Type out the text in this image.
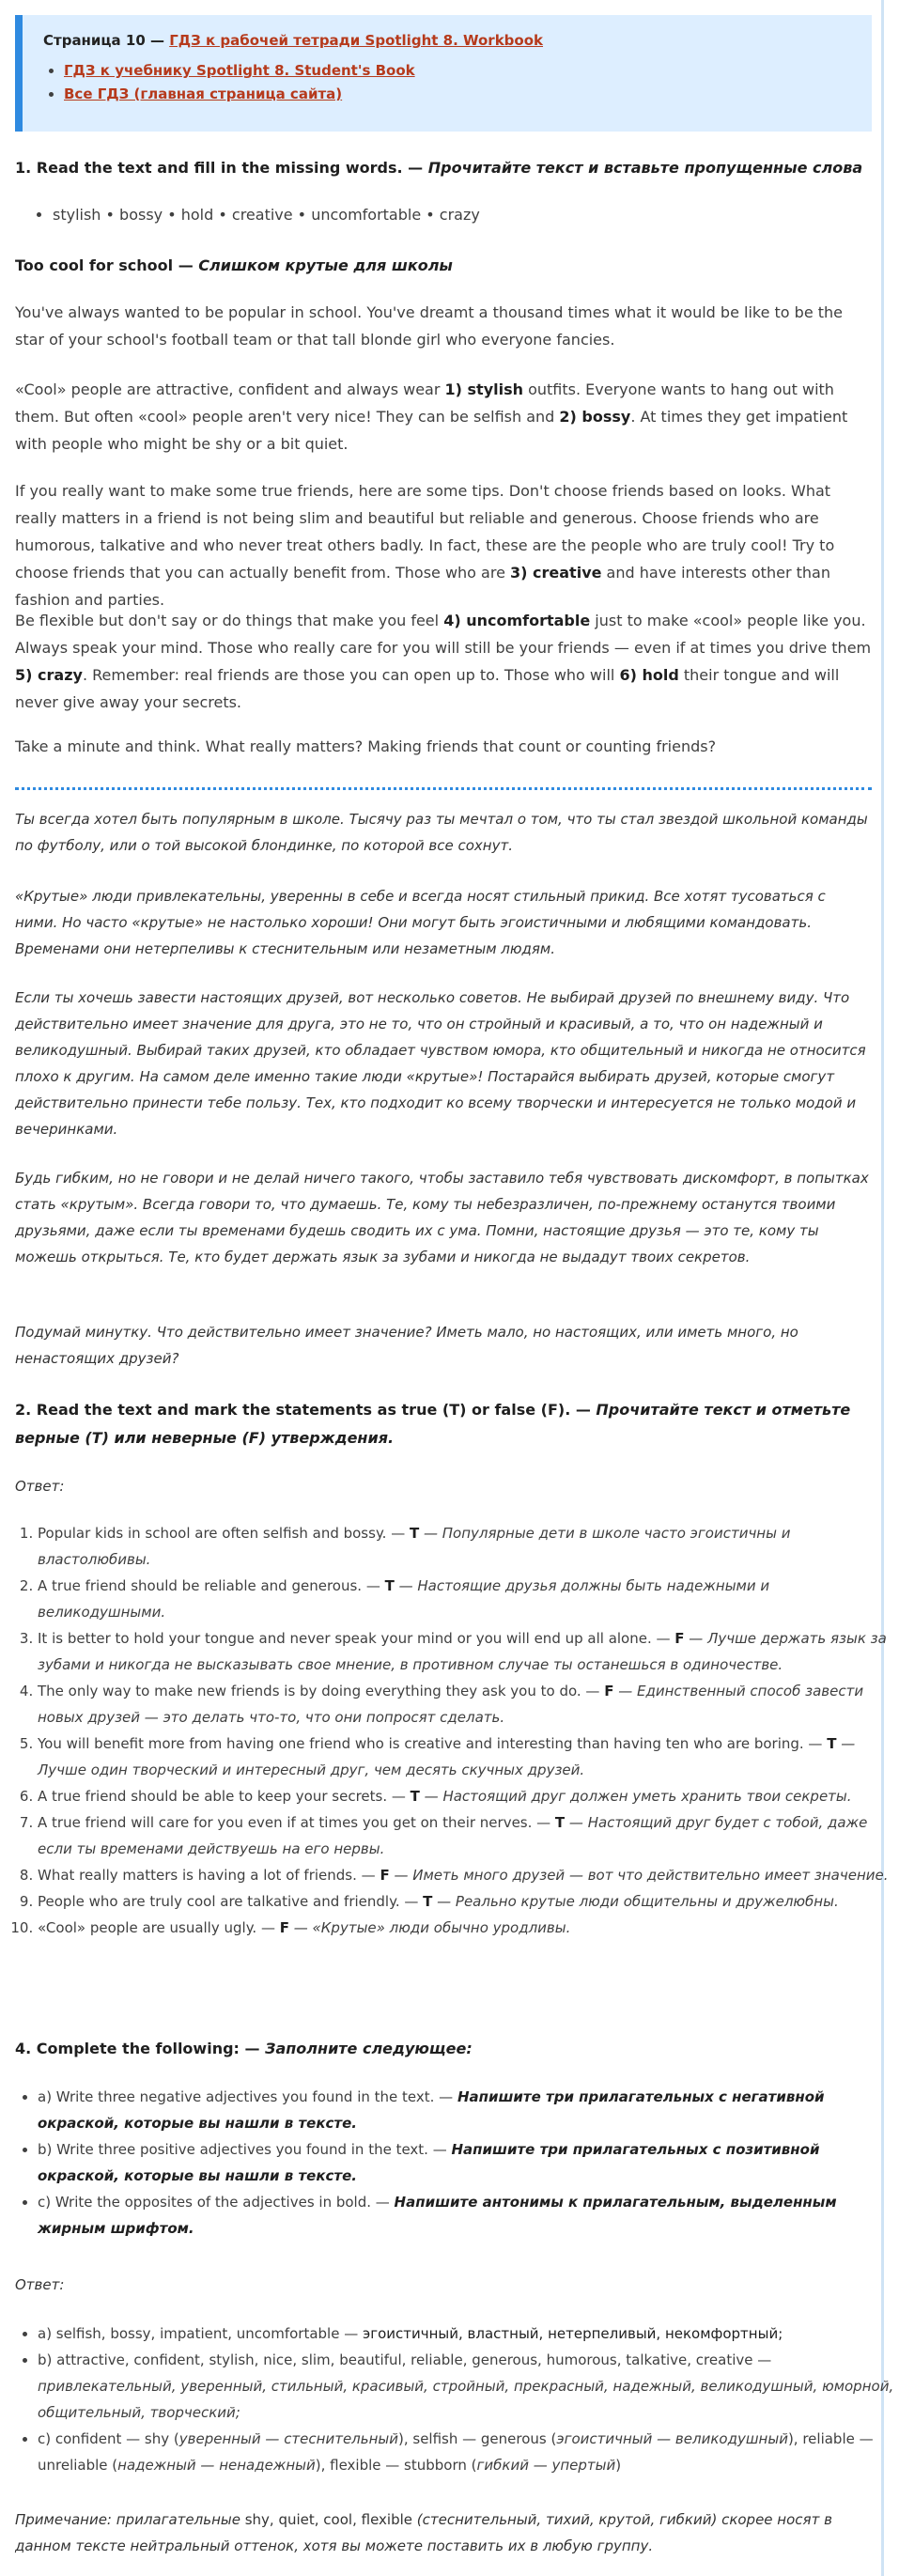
Страница 10 — ГДЗ к рабочей тетради Spotlight 8. Workbook
• ГДЗ к учебнику Spotlight 8. Student's Book
• Все ГДЗ (главная страница сайта)
1. Read the text and fill in the missing words. — Прочитайте текст и вставьте пропущенные слова
• stylish • bossy • hold • creative • uncomfortable • crazy
Too cool for school — Слишком крутые для школы

You've always wanted to be popular in school. You've dreamt a thousand times what it would be like to be the star of your school's football team or that tall blonde girl who everyone fancies.

«Cool» people are attractive, confident and always wear 1) stylish outfits. Everyone wants to hang out with them. But often «cool» people aren't very nice! They can be selfish and 2) bossy. At times they get impatient with people who might be shy or a bit quiet.

If you really want to make some true friends, here are some tips. Don't choose friends based on looks. What really matters in a friend is not being slim and beautiful but reliable and generous. Choose friends who are humorous, talkative and who never treat others badly. In fact, these are the people who are truly cool! Try to choose friends that you can actually benefit from. Those who are 3) creative and have interests other than fashion and parties.

Be flexible but don't say or do things that make you feel 4) uncomfortable just to make «cool» people like you. Always speak your mind. Those who really care for you will still be your friends — even if at times you drive them 5) crazy. Remember: real friends are those you can open up to. Those who will 6) hold their tongue and will never give away your secrets.

Take a minute and think. What really matters? Making friends that count or counting friends?

Ты всегда хотел быть популярным в школе. Тысячу раз ты мечтал о том, что ты стал звездой школьной команды по футболу, или о той высокой блондинке, по которой все сохнут.

«Крутые» люди привлекательны, уверенны в себе и всегда носят стильный прикид. Все хотят тусоваться с ними. Но часто «крутые» не настолько хороши! Они могут быть эгоистичными и любящими командовать. Временами они нетерпеливы к стеснительным или незаметным людям.

Если ты хочешь завести настоящих друзей, вот несколько советов. Не выбирай друзей по внешнему виду. Что действительно имеет значение для друга, это не то, что он стройный и красивый, а то, что он надежный и великодушный. Выбирай таких друзей, кто обладает чувством юмора, кто общительный и никогда не относится плохо к другим. На самом деле именно такие люди «крутые»! Постарайся выбирать друзей, которые смогут действительно принести тебе пользу. Тех, кто подходит ко всему творчески и интересуется не только модой и вечеринками.

Будь гибким, но не говори и не делай ничего такого, чтобы заставило тебя чувствовать дискомфорт, в попытках стать «крутым». Всегда говори то, что думаешь. Те, кому ты небезразличен, по-прежнему останутся твоими друзьями, даже если ты временами будешь сводить их с ума. Помни, настоящие друзья — это те, кому ты можешь открыться. Те, кто будет держать язык за зубами и никогда не выдадут твоих секретов.

Подумай минутку. Что действительно имеет значение? Иметь мало, но настоящих, или иметь много, но ненастоящих друзей?

2. Read the text and mark the statements as true (T) or false (F). — Прочитайте текст и отметьте верные (T) или неверные (F) утверждения.

Ответ:

1. Popular kids in school are often selfish and bossy. — T — Популярные дети в школе часто эгоистичны и властолюбивы.
2. A true friend should be reliable and generous. — T — Настоящие друзья должны быть надежными и великодушными.
3. It is better to hold your tongue and never speak your mind or you will end up all alone. — F — Лучше держать язык за зубами и никогда не высказывать свое мнение, в противном случае ты останешься в одиночестве.
4. The only way to make new friends is by doing everything they ask you to do. — F — Единственный способ завести новых друзей — это делать что-то, что они попросят сделать.
5. You will benefit more from having one friend who is creative and interesting than having ten who are boring. — T — Лучше один творческий и интересный друг, чем десять скучных друзей.
6. A true friend should be able to keep your secrets. — T — Настоящий друг должен уметь хранить твои секреты.
7. A true friend will care for you even if at times you get on their nerves. — T — Настоящий друг будет с тобой, даже если ты временами действуешь на его нервы.
8. What really matters is having a lot of friends. — F — Иметь много друзей — вот что действительно имеет значение.
9. People who are truly cool are talkative and friendly. — T — Реально крутые люди общительны и дружелюбны.
10. «Cool» people are usually ugly. — F — «Крутые» люди обычно уродливы.
4. Complete the following: — Заполните следующее:
• a) Write three negative adjectives you found in the text. — Напишите три прилагательных с негативной окраской, которые вы нашли в тексте.
• b) Write three positive adjectives you found in the text. — Напишите три прилагательных с позитивной окраской, которые вы нашли в тексте.
• c) Write the opposites of the adjectives in bold. — Напишите антонимы к прилагательным, выделенным жирным шрифтом.

Ответ:

• a) selfish, bossy, impatient, uncomfortable — эгоистичный, властный, нетерпеливый, некомфортный;
• b) attractive, confident, stylish, nice, slim, beautiful, reliable, generous, humorous, talkative, creative — привлекательный, уверенный, стильный, красивый, стройный, прекрасный, надежный, великодушный, юморной, общительный, творческий;
• c) confident — shy (уверенный — стеснительный), selfish — generous (эгоистичный — великодушный), reliable — unreliable (надежный — ненадежный), flexible — stubborn (гибкий — упертый)

Примечание: прилагательные shy, quiet, cool, flexible (стеснительный, тихий, крутой, гибкий) скорее носят в данном тексте нейтральный оттенок, хотя вы можете поставить их в любую группу.
